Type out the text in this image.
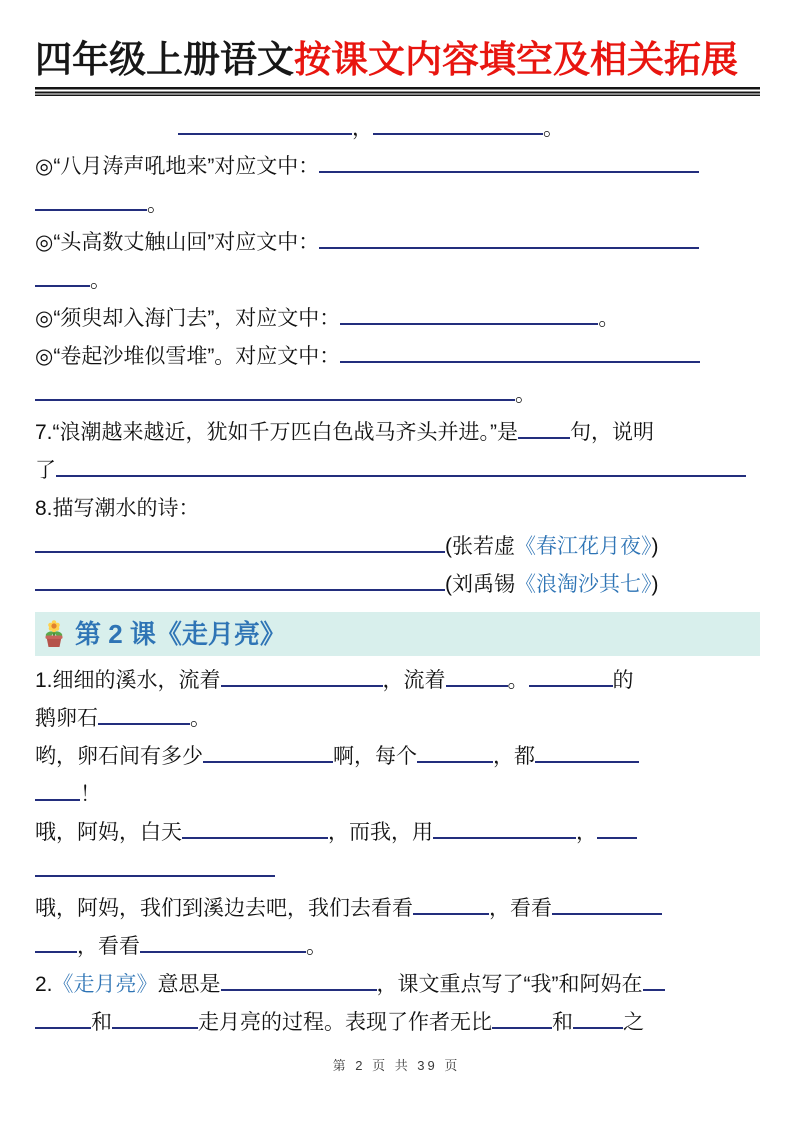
四年级上册语文按课文内容填空及相关拓展
，	。
◎“八月涛声吼地来”对应文中：
。
◎“头高数丈触山回”对应文中：
。
◎“须臾却入海门去”，对应文中：	。
◎“卷起沙堆似雪堆”。对应文中：
。
7.“浪潮越来越近，犹如千万匹白色战马齐头并进。”是 句，说明
了
8.描写潮水的诗：
(张若虚《春江花月夜》)
(刘禹锡《浪淘沙其七》)
第 2 课《走月亮》
1.细细的溪水，流着	，流着	。	的
鹅卵石	。
哟，卵石间有多少	啊，每个	，都
！
哦，阿妈，白天	，而我，用	，
哦，阿妈，我们到溪边去吧，我们去看看	，看看
，看看	。
2.《走月亮》意思是	，课文重点写了“我”和阿妈在
和	走月亮的过程。表现了作者无比	和 之
第 2 页 共 39 页
